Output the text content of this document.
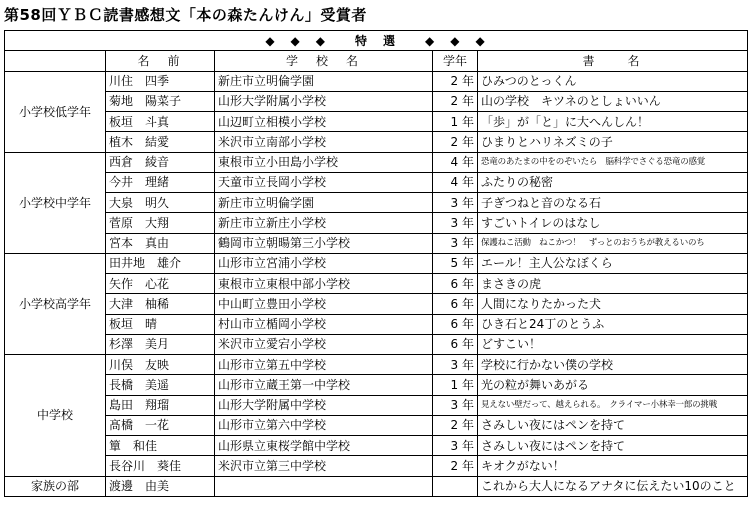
第58回ＹＢＣ読書感想文「本の森たんけん」受賞者
◆　◆　◆　　特　選　　◆　◆　◆				
	名　前	学　校　名	学年	書　　名
小学校低学年	川住　四季	新庄市立明倫学園	2 年	ひみつのとっくん
	菊地　陽菜子	山形大学附属小学校	2 年	山の学校　キツネのとしょいいん
	板垣　斗真	山辺町立相模小学校	1 年	「歩」が「と」に大へんしん！
	植木　結愛	米沢市立南部小学校	2 年	ひまりとハリネズミの子
小学校中学年	西倉　綾音	東根市立小田島小学校	4 年	恐竜のあたまの中をのぞいたら　脳科学でさぐる恐竜の感覚
	今井　理緒	天童市立長岡小学校	4 年	ふたりの秘密
	大泉　明久	新庄市立明倫学園	3 年	子ぎつねと音のなる石
	菅原　大翔	新庄市立新庄小学校	3 年	すごいトイレのはなし
	宮本　真由	鶴岡市立朝暘第三小学校	3 年	保護ねこ活動　ねこかつ！　ずっとのおうちが教えるいのち
小学校高学年	田井地　雄介	山形市立宮浦小学校	5 年	エール！主人公なぼくら
	矢作　心花	東根市立東根中部小学校	6 年	まさきの虎
	大津　柚稀	中山町立豊田小学校	6 年	人間になりたかった犬
	板垣　晴	村山市立楯岡小学校	6 年	ひき石と24丁のとうふ
	杉澤　美月	米沢市立愛宕小学校	6 年	どすこい！
中学校	川俣　友映	山形市立第五中学校	3 年	学校に行かない僕の学校
	長橋　美遥	山形市立蔵王第一中学校	1 年	光の粒が舞いあがる
	島田　翔瑠	山形大学附属中学校	3 年	見えない壁だって、越えられる。　クライマー小林幸一郎の挑戦
	髙橋　一花	山形市立第六中学校	2 年	さみしい夜にはペンを持て
	簞　和佳	山形県立東桜学館中学校	3 年	さみしい夜にはペンを持て
	長谷川　葵佳	米沢市立第三中学校	2 年	キオクがない！
家族の部	渡邊　由美			これから大人になるアナタに伝えたい10のこと
